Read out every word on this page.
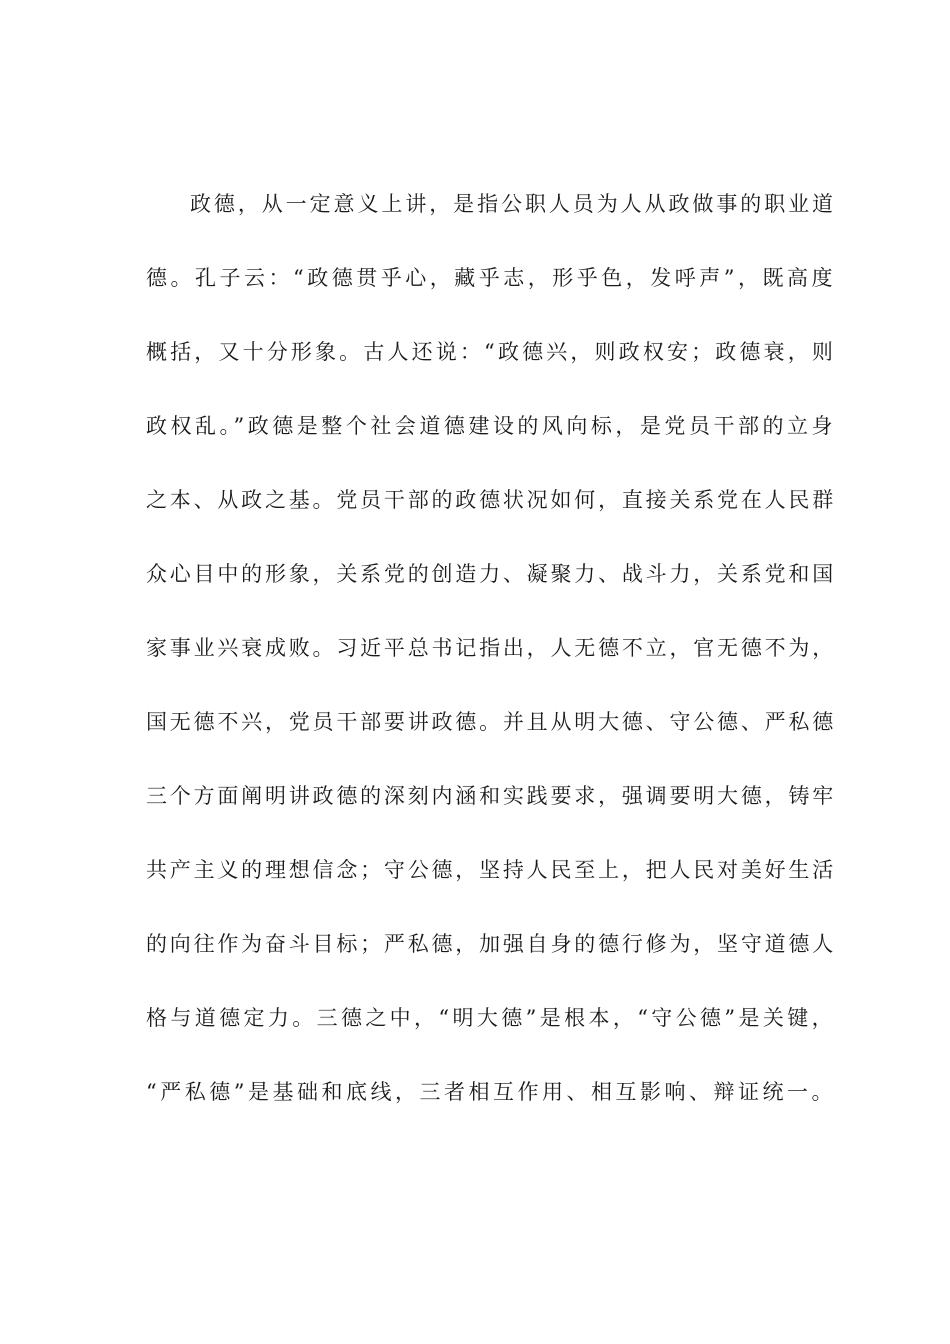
政德，从一定意义上讲，是指公职人员为人从政做事的职业道
德。孔子云：“政德贯乎心，藏乎志，形乎色，发呼声”，既高度
概括，又十分形象。古人还说：“政德兴，则政权安；政德衰，则
政权乱。”政德是整个社会道德建设的风向标，是党员干部的立身
之本、从政之基。党员干部的政德状况如何，直接关系党在人民群
众心目中的形象，关系党的创造力、凝聚力、战斗力，关系党和国
家事业兴衰成败。习近平总书记指出，人无德不立，官无德不为，
国无德不兴，党员干部要讲政德。并且从明大德、守公德、严私德
三个方面阐明讲政德的深刻内涵和实践要求，强调要明大德，铸牢
共产主义的理想信念；守公德，坚持人民至上，把人民对美好生活
的向往作为奋斗目标；严私德，加强自身的德行修为，坚守道德人
格与道德定力。三德之中，“明大德”是根本，“守公德”是关键，
“严私德”是基础和底线，三者相互作用、相互影响、辩证统一。
